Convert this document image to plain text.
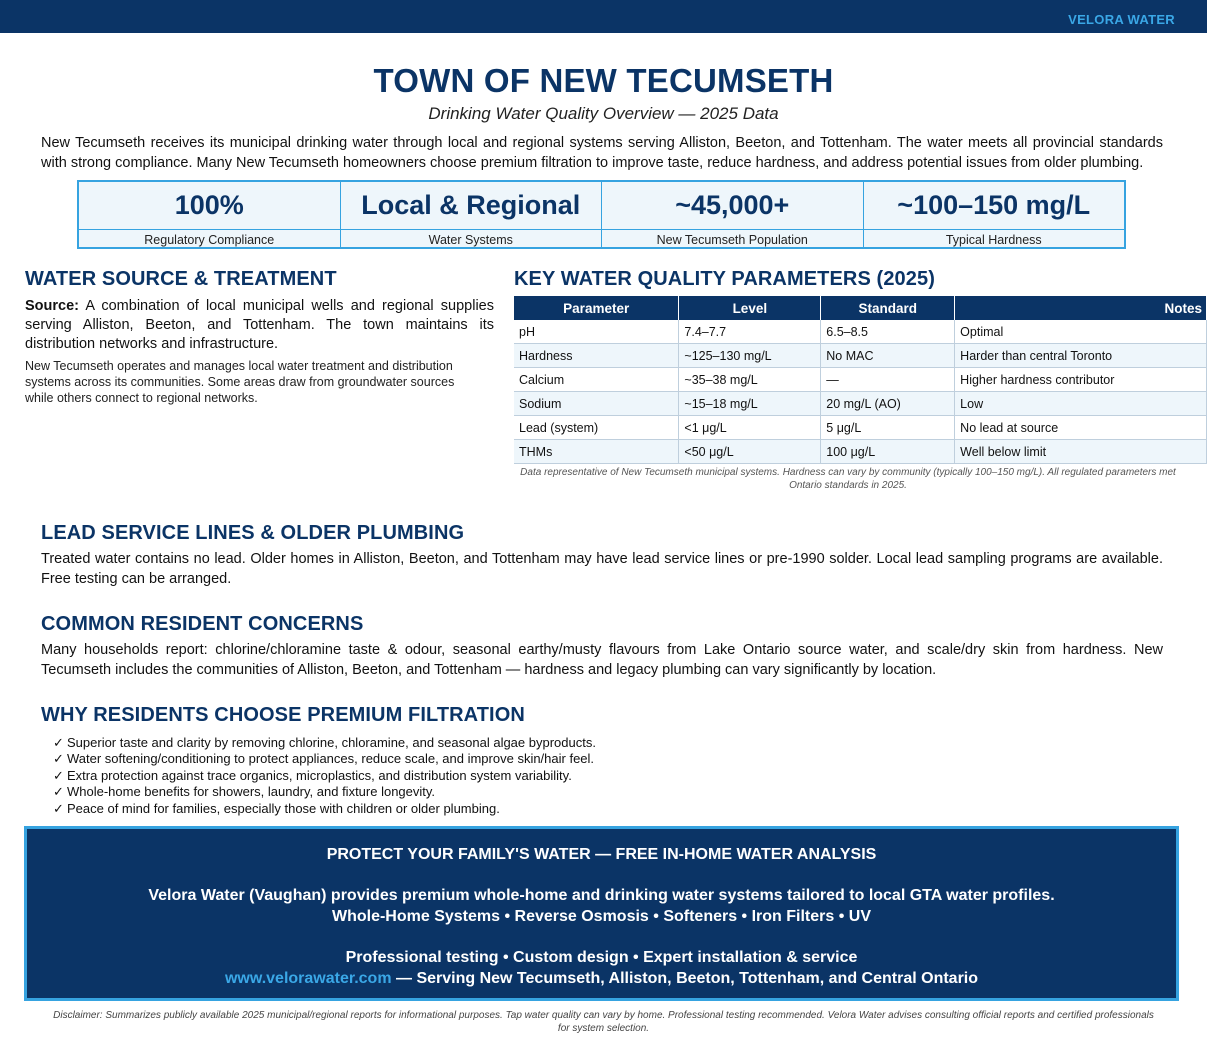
VELORA WATER
TOWN OF NEW TECUMSETH
Drinking Water Quality Overview — 2025 Data
New Tecumseth receives its municipal drinking water through local and regional systems serving Alliston, Beeton, and Tottenham. The water meets all provincial standards with strong compliance. Many New Tecumseth homeowners choose premium filtration to improve taste, reduce hardness, and address potential issues from older plumbing.
100%
Regulatory Compliance
Local & Regional
Water Systems
~45,000+
New Tecumseth Population
~100–150 mg/L
Typical Hardness
WATER SOURCE & TREATMENT
Source: A combination of local municipal wells and regional supplies serving Alliston, Beeton, and Tottenham. The town maintains its distribution networks and infrastructure.
New Tecumseth operates and manages local water treatment and distribution systems across its communities. Some areas draw from groundwater sources while others connect to regional networks.
KEY WATER QUALITY PARAMETERS (2025)
Parameter	Level	Standard	Notes
pH	7.4–7.7	6.5–8.5	Optimal
Hardness	~125–130 mg/L	No MAC	Harder than central Toronto
Calcium	~35–38 mg/L	—	Higher hardness contributor
Sodium	~15–18 mg/L	20 mg/L (AO)	Low
Lead (system)	<1 μg/L	5 μg/L	No lead at source
THMs	<50 μg/L	100 μg/L	Well below limit
Data representative of New Tecumseth municipal systems. Hardness can vary by community (typically 100–150 mg/L). All regulated parameters met Ontario standards in 2025.
LEAD SERVICE LINES & OLDER PLUMBING
Treated water contains no lead. Older homes in Alliston, Beeton, and Tottenham may have lead service lines or pre-1990 solder. Local lead sampling programs are available. Free testing can be arranged.
COMMON RESIDENT CONCERNS
Many households report: chlorine/chloramine taste & odour, seasonal earthy/musty flavours from Lake Ontario source water, and scale/dry skin from hardness. New Tecumseth includes the communities of Alliston, Beeton, and Tottenham — hardness and legacy plumbing can vary significantly by location.
WHY RESIDENTS CHOOSE PREMIUM FILTRATION
✓ Superior taste and clarity by removing chlorine, chloramine, and seasonal algae byproducts.
✓ Water softening/conditioning to protect appliances, reduce scale, and improve skin/hair feel.
✓ Extra protection against trace organics, microplastics, and distribution system variability.
✓ Whole-home benefits for showers, laundry, and fixture longevity.
✓ Peace of mind for families, especially those with children or older plumbing.
PROTECT YOUR FAMILY'S WATER — FREE IN-HOME WATER ANALYSIS
Velora Water (Vaughan) provides premium whole-home and drinking water systems tailored to local GTA water profiles.
Whole-Home Systems • Reverse Osmosis • Softeners • Iron Filters • UV
Professional testing • Custom design • Expert installation & service
www.velorawater.com — Serving New Tecumseth, Alliston, Beeton, Tottenham, and Central Ontario
Disclaimer: Summarizes publicly available 2025 municipal/regional reports for informational purposes. Tap water quality can vary by home. Professional testing recommended. Velora Water advises consulting official reports and certified professionals for system selection.
